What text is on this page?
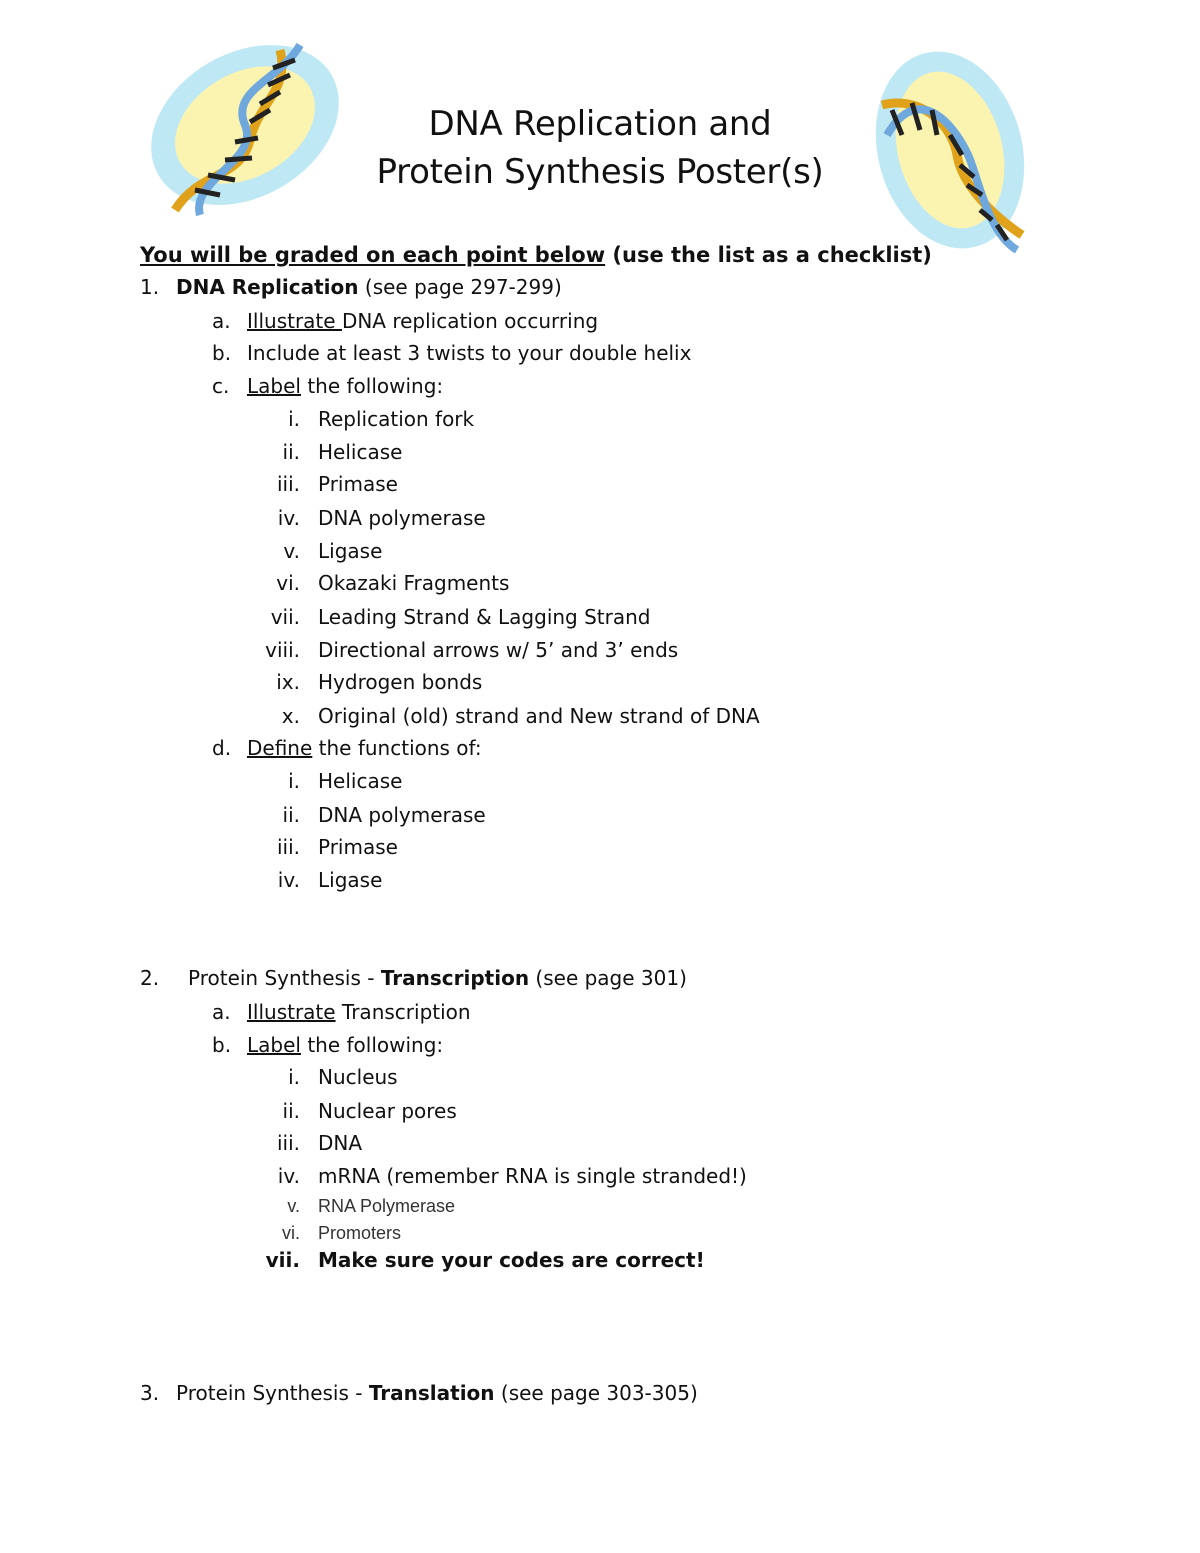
DNA Replication and
Protein Synthesis Poster(s)
You will be graded on each point below (use the list as a checklist)
1. DNA Replication (see page 297-299)
a. Illustrate DNA replication occurring
b. Include at least 3 twists to your double helix
c. Label the following:
i. Replication fork
ii. Helicase
iii. Primase
iv. DNA polymerase
v. Ligase
vi. Okazaki Fragments
vii. Leading Strand & Lagging Strand
viii. Directional arrows w/ 5’ and 3’ ends
ix. Hydrogen bonds
x. Original (old) strand and New strand of DNA
d. Define the functions of:
i. Helicase
ii. DNA polymerase
iii. Primase
iv. Ligase
2. Protein Synthesis - Transcription (see page 301)
a. Illustrate Transcription
b. Label the following:
i. Nucleus
ii. Nuclear pores
iii. DNA
iv. mRNA (remember RNA is single stranded!)
v. RNA Polymerase
vi. Promoters
vii. Make sure your codes are correct!
3. Protein Synthesis - Translation (see page 303-305)
